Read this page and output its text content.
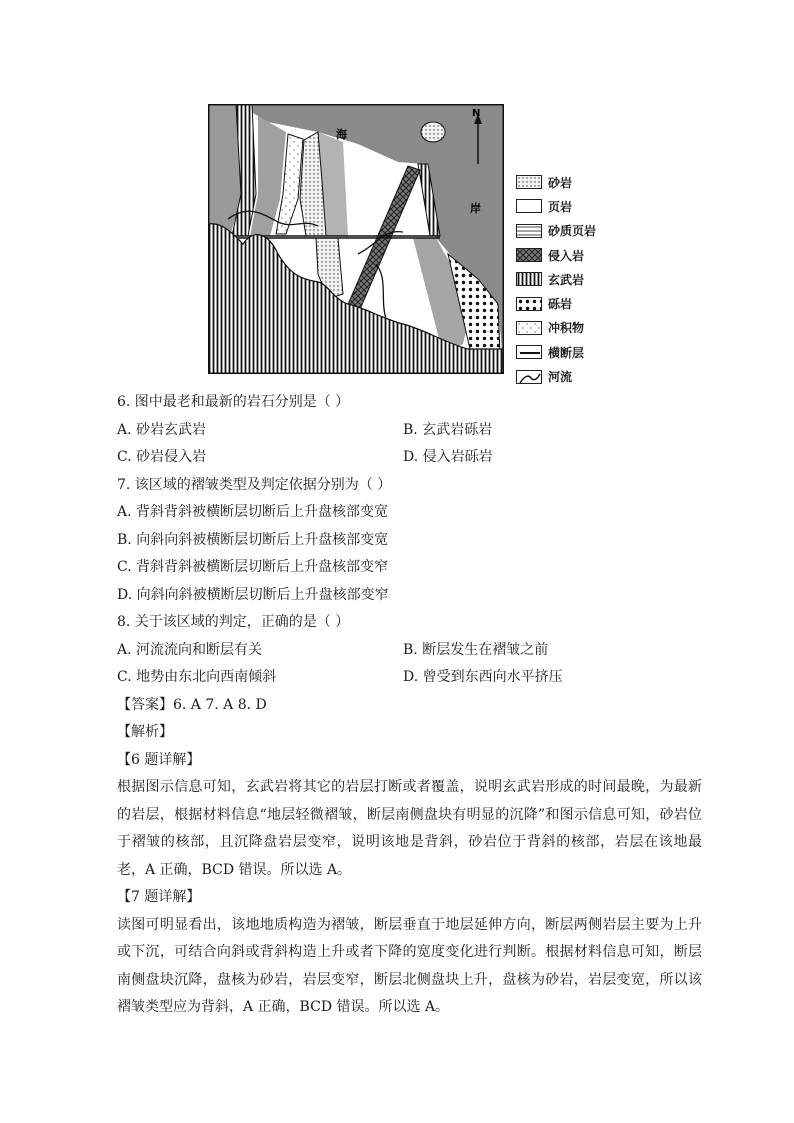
N
海
岸
砂岩
页岩
砂质页岩
侵入岩
玄武岩
砾岩
冲积物
横断层
河流
6. 图中最老和最新的岩石分别是（ ）
A. 砂岩玄武岩	B. 玄武岩砾岩
C. 砂岩侵入岩	D. 侵入岩砾岩
7. 该区域的褶皱类型及判定依据分别为（ ）
A. 背斜背斜被横断层切断后上升盘核部变宽
B. 向斜向斜被横断层切断后上升盘核部变宽
C. 背斜背斜被横断层切断后上升盘核部变窄
D. 向斜向斜被横断层切断后上升盘核部变窄
8. 关于该区域的判定，正确的是（ ）
A. 河流流向和断层有关	B. 断层发生在褶皱之前
C. 地势由东北向西南倾斜	D. 曾受到东西向水平挤压
【答案】6. A 7. A 8. D
【解析】
【6 题详解】
根据图示信息可知，玄武岩将其它的岩层打断或者覆盖，说明玄武岩形成的时间最晚，为最新的岩层，根据材料信息“地层轻微褶皱，断层南侧盘块有明显的沉降”和图示信息可知，砂岩位于褶皱的核部，且沉降盘岩层变窄，说明该地是背斜，砂岩位于背斜的核部，岩层在该地最老，A 正确，BCD 错误。所以选 A。
【7 题详解】
读图可明显看出，该地地质构造为褶皱，断层垂直于地层延伸方向，断层两侧岩层主要为上升或下沉，可结合向斜或背斜构造上升或者下降的宽度变化进行判断。根据材料信息可知，断层南侧盘块沉降，盘核为砂岩，岩层变窄，断层北侧盘块上升，盘核为砂岩，岩层变宽，所以该褶皱类型应为背斜，A 正确，BCD 错误。所以选 A。
